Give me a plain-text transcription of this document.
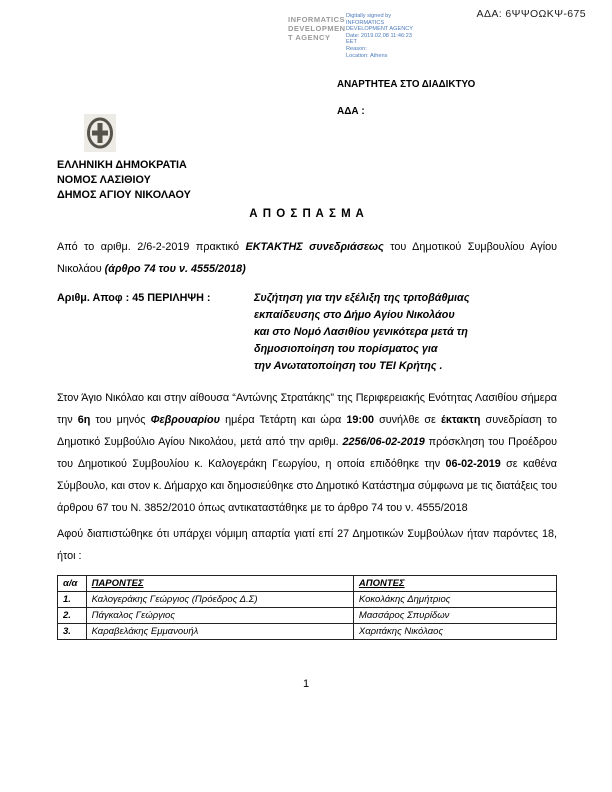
ΑΔΑ: 6ΨΨΟΩΚΨ-675
INFORMATICS
DEVELOPMEN
T AGENCY
Digitally signed by
INFORMATICS
DEVELOPMENT AGENCY
Date: 2019.02.08 11:46:23
EET
Reason:
Location: Athens
ΑΝΑΡΤΗΤΕΑ ΣΤΟ ΔΙΑΔΙΚΤΥΟ
ΑΔΑ :
ΕΛΛΗΝΙΚΗ ΔΗΜΟΚΡΑΤΙΑ
ΝΟΜΟΣ ΛΑΣΙΘΙΟΥ
ΔΗΜΟΣ ΑΓΙΟΥ ΝΙΚΟΛΑΟΥ
Α Π Ο Σ Π Α Σ Μ Α

Από το αριθμ. 2/6-2-2019 πρακτικό ΕΚΤΑΚΤΗΣ συνεδριάσεως του Δημοτικού Συμβουλίου Αγίου Νικολάου (άρθρο 74 του ν. 4555/2018)

Αριθμ. Αποφ : 45 ΠΕΡΙΛΗΨΗ :	Συζήτηση για την εξέλιξη της τριτοβάθμιας
εκπαίδευσης στο Δήμο Αγίου Νικολάου
και στο Νομό Λασιθίου γενικότερα μετά τη
δημοσιοποίηση του πορίσματος για
την Ανωτατοποίηση του ΤΕΙ Κρήτης .

Στον Άγιο Νικόλαο και στην αίθουσα “Αντώνης Στρατάκης” της Περιφερειακής Ενότητας Λασιθίου σήμερα την 6η του μηνός Φεβρουαρίου ημέρα Τετάρτη και ώρα 19:00 συνήλθε σε έκτακτη συνεδρίαση το Δημοτικό Συμβούλιο Αγίου Νικολάου, μετά από την αριθμ. 2256/06-02-2019 πρόσκληση του Προέδρου του Δημοτικού Συμβουλίου κ. Καλογεράκη Γεωργίου, η οποία επιδόθηκε την 06-02-2019 σε καθένα Σύμβουλο, και στον κ. Δήμαρχο και δημοσιεύθηκε στο Δημοτικό Κατάστημα σύμφωνα με τις διατάξεις του άρθρου 67 του Ν. 3852/2010 όπως αντικαταστάθηκε με το άρθρο 74 του ν. 4555/2018

Αφού διαπιστώθηκε ότι υπάρχει νόμιμη απαρτία γιατί επί 27 Δημοτικών Συμβούλων ήταν παρόντες 18, ήτοι :

α/α	ΠΑΡΟΝΤΕΣ	ΑΠΟΝΤΕΣ
1.	Καλογεράκης Γεώργιος (Πρόεδρος Δ.Σ)	Κοκολάκης Δημήτριος
2.	Πάγκαλος Γεώργιος	Μασσάρος Σπυρίδων
3.	Καραβελάκης Εμμανουήλ	Χαριτάκης Νικόλαος
1
